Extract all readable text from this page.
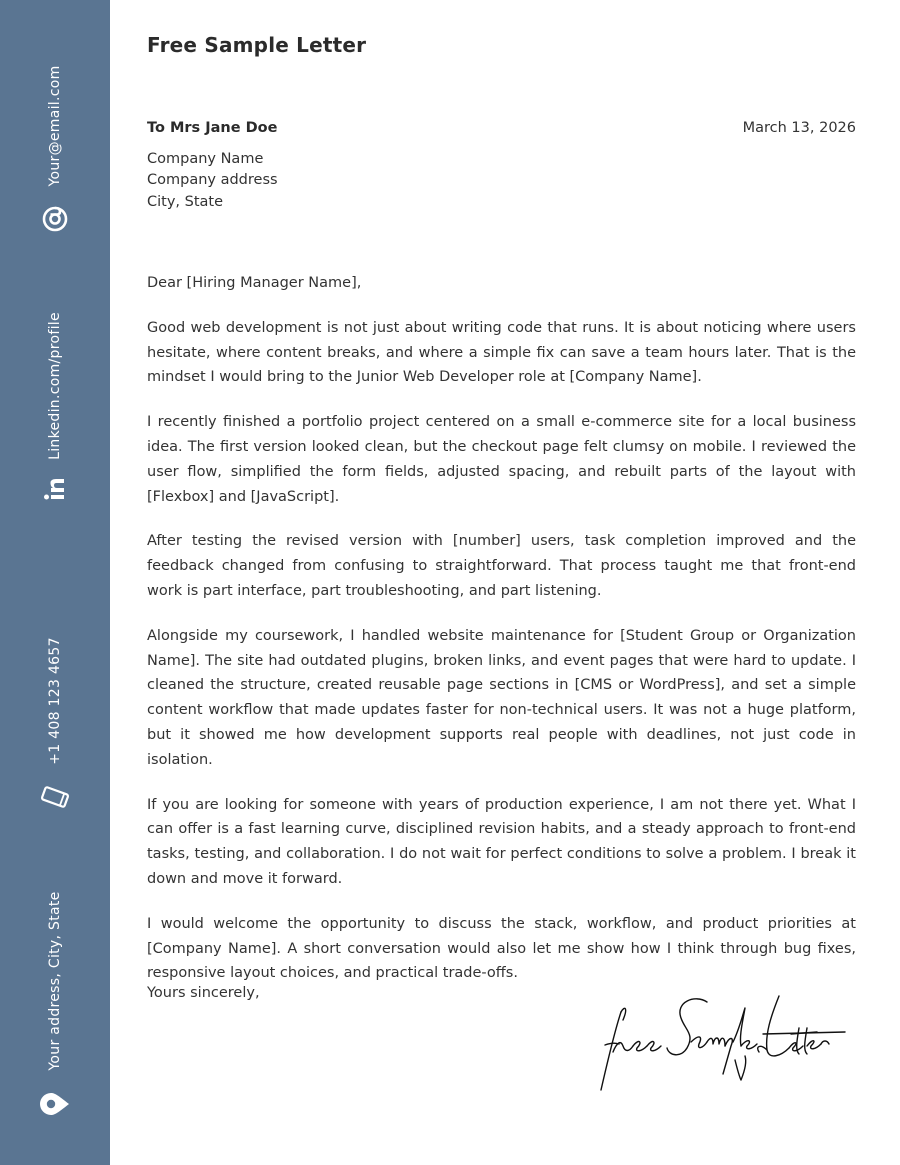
Your@email.com
Linkedin.com/profile
+1 408 123 4657
Your address, City, State
Free Sample Letter
To Mrs Jane Doe	March 13, 2026
Company Name
Company address
City, State

Dear [Hiring Manager Name],

Good web development is not just about writing code that runs. It is about noticing where users hesitate, where content breaks, and where a simple fix can save a team hours later. That is the mindset I would bring to the Junior Web Developer role at [Company Name].

I recently finished a portfolio project centered on a small e-commerce site for a local business idea. The first version looked clean, but the checkout page felt clumsy on mobile. I reviewed the user flow, simplified the form fields, adjusted spacing, and rebuilt parts of the layout with [Flexbox] and [JavaScript].

After testing the revised version with [number] users, task completion improved and the feedback changed from confusing to straightforward. That process taught me that front-end work is part interface, part troubleshooting, and part listening.

Alongside my coursework, I handled website maintenance for [Student Group or Organization Name]. The site had outdated plugins, broken links, and event pages that were hard to update. I cleaned the structure, created reusable page sections in [CMS or WordPress], and set a simple content workflow that made updates faster for non-technical users. It was not a huge platform, but it showed me how development supports real people with deadlines, not just code in isolation.

If you are looking for someone with years of production experience, I am not there yet. What I can offer is a fast learning curve, disciplined revision habits, and a steady approach to front-end tasks, testing, and collaboration. I do not wait for perfect conditions to solve a problem. I break it down and move it forward.

I would welcome the opportunity to discuss the stack, workflow, and product priorities at [Company Name]. A short conversation would also let me show how I think through bug fixes, responsive layout choices, and practical trade-offs.

Yours sincerely,
